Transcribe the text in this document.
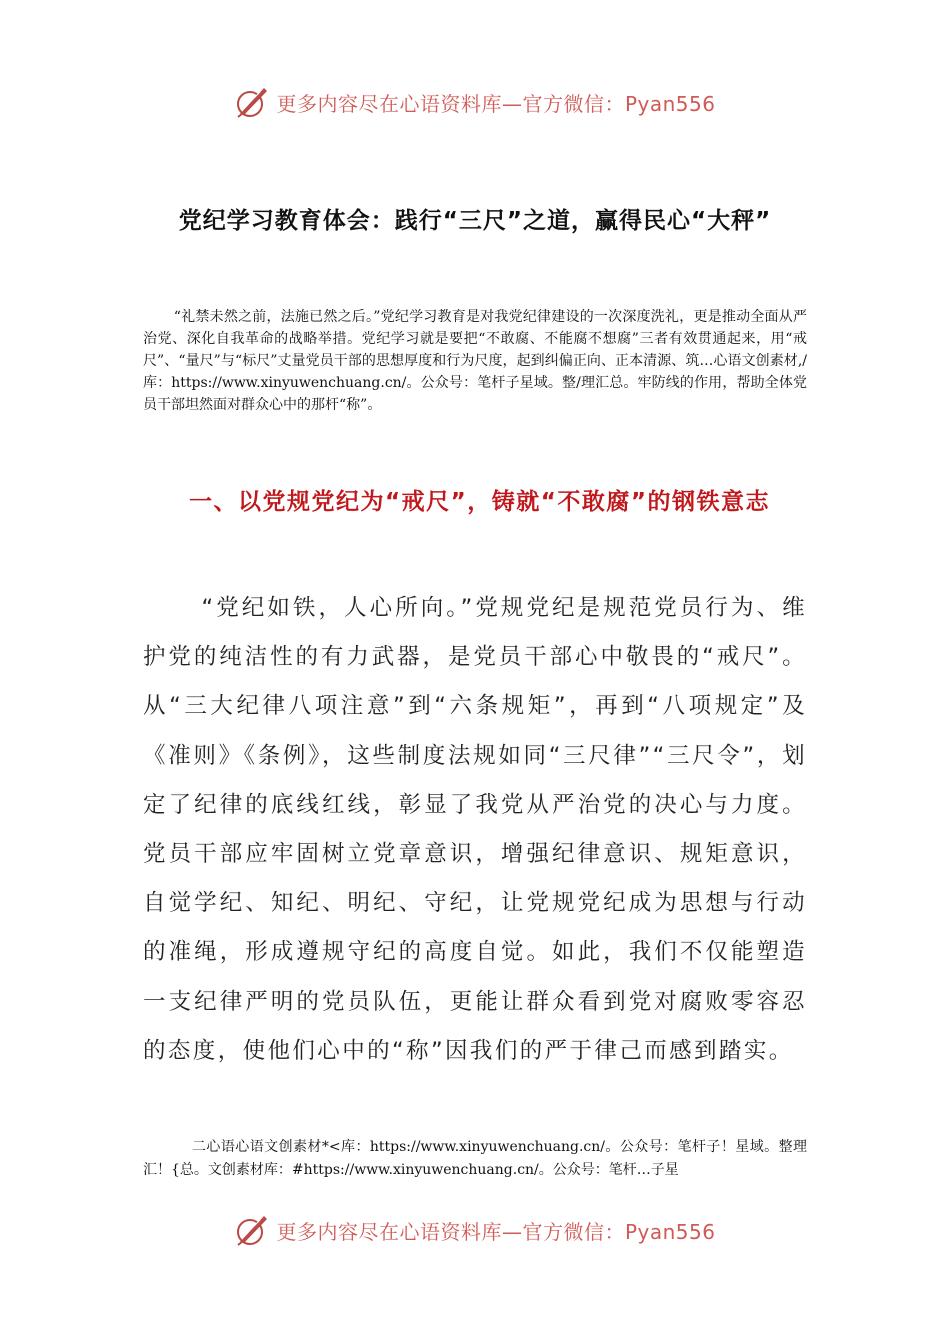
更多内容尽在心语资料库—官方微信：Pyan556
党纪学习教育体会：践行“三尺”之道，赢得民心“大秤”

“礼禁未然之前，法施已然之后。”党纪学习教育是对我党纪律建设的一次深度洗礼，更是推动全面从严治党、深化自我革命的战略举措。党纪学习就是要把“不敢腐、不能腐不想腐”三者有效贯通起来，用“戒尺”、“量尺”与“标尺”丈量党员干部的思想厚度和行为尺度，起到纠偏正向、正本清源、筑…心语文创素材,/库：https://www.xinyuwenchuang.cn/。公众号：笔杆子星域。整/理汇总。牢防线的作用，帮助全体党员干部坦然面对群众心中的那杆“称”。

一、以党规党纪为“戒尺”，铸就“不敢腐”的钢铁意志

“党纪如铁，人心所向。”党规党纪是规范党员行为、维护党的纯洁性的有力武器，是党员干部心中敬畏的“戒尺”。从“三大纪律八项注意”到“六条规矩”，再到“八项规定”及《准则》《条例》，这些制度法规如同“三尺律”“三尺令”，划定了纪律的底线红线，彰显了我党从严治党的决心与力度。党员干部应牢固树立党章意识，增强纪律意识、规矩意识，自觉学纪、知纪、明纪、守纪，让党规党纪成为思想与行动的准绳，形成遵规守纪的高度自觉。如此，我们不仅能塑造一支纪律严明的党员队伍，更能让群众看到党对腐败零容忍的态度，使他们心中的“称”因我们的严于律己而感到踏实。

二心语心语文创素材*<库：https://www.xinyuwenchuang.cn/。公众号：笔杆子！星域。整理汇！{总。文创素材库：#https://www.xinyuwenchuang.cn/。公众号：笔杆…子星

更多内容尽在心语资料库—官方微信：Pyan556
